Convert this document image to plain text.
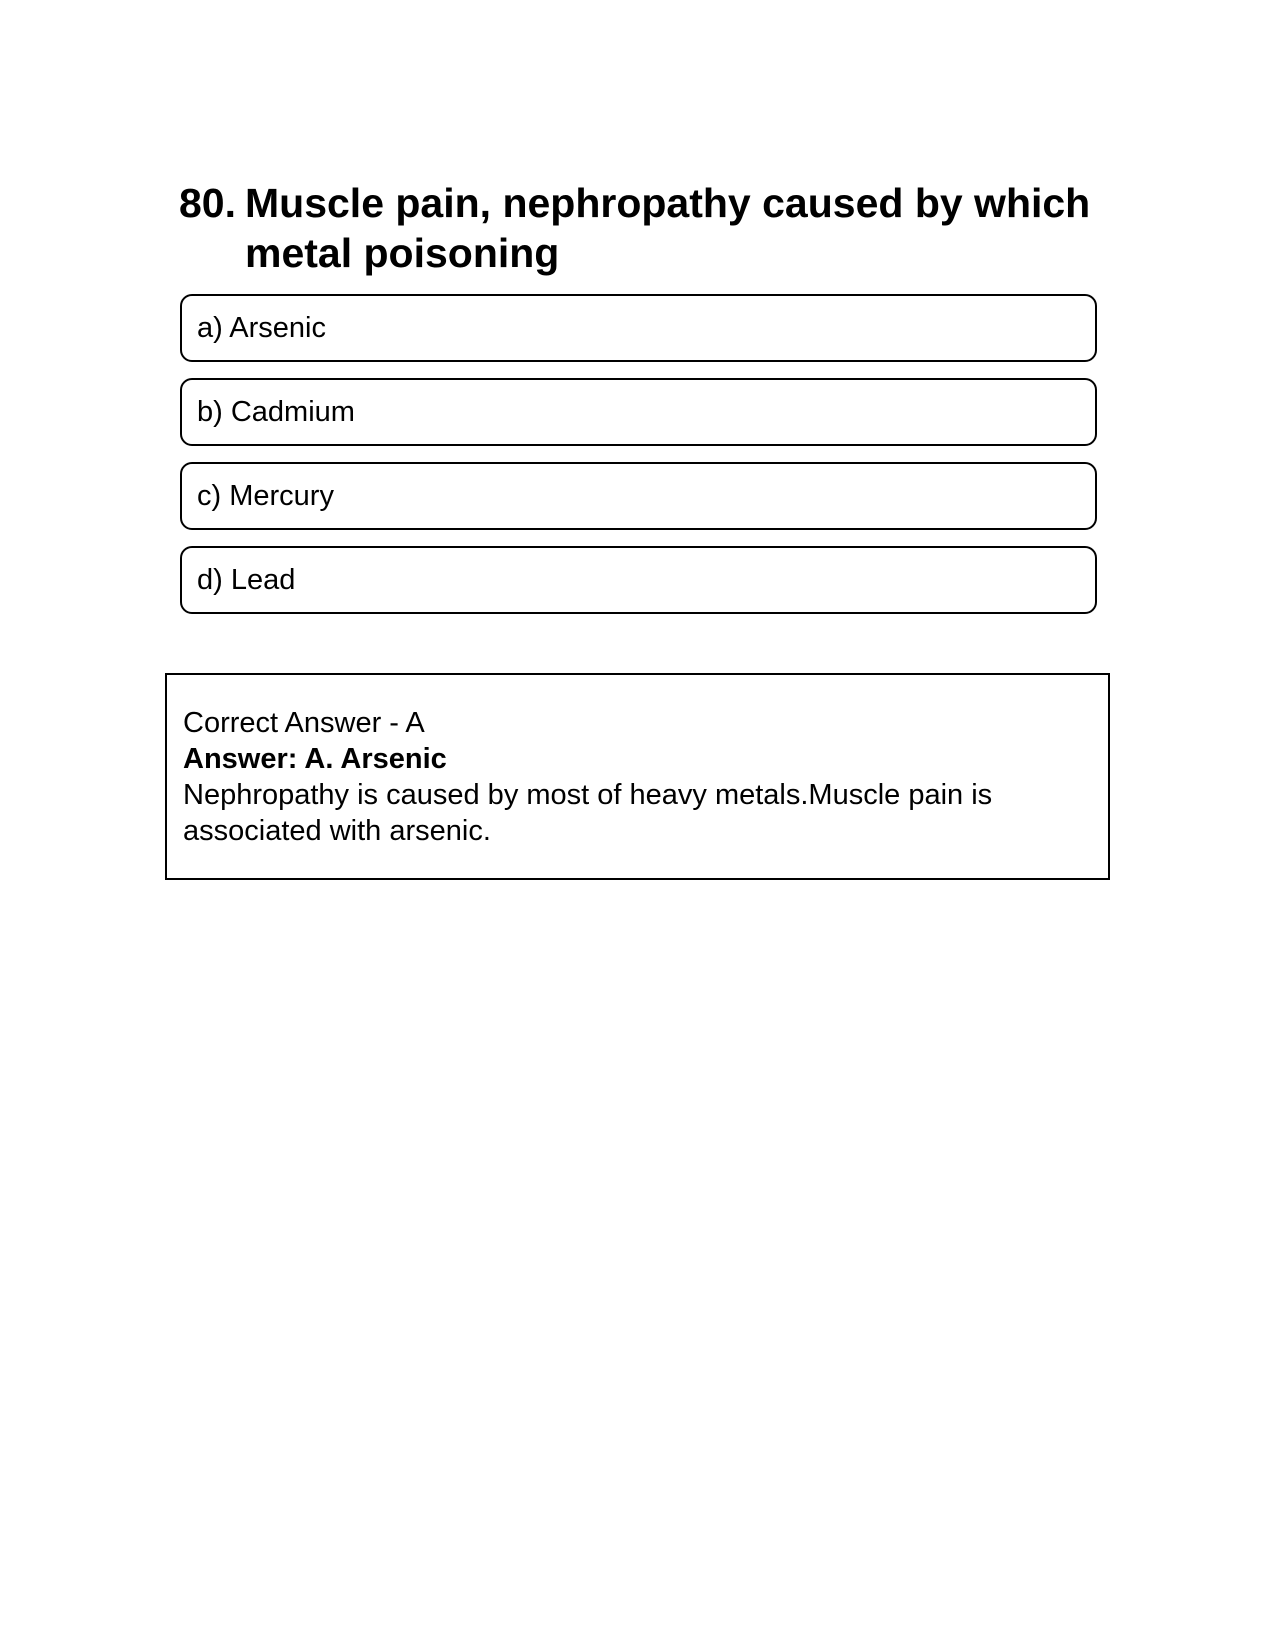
80. Muscle pain, nephropathy caused by which metal poisoning
a) Arsenic
b) Cadmium
c) Mercury
d) Lead
Correct Answer - A
Answer: A. Arsenic
Nephropathy is caused by most of heavy metals.Muscle pain is associated with arsenic.
